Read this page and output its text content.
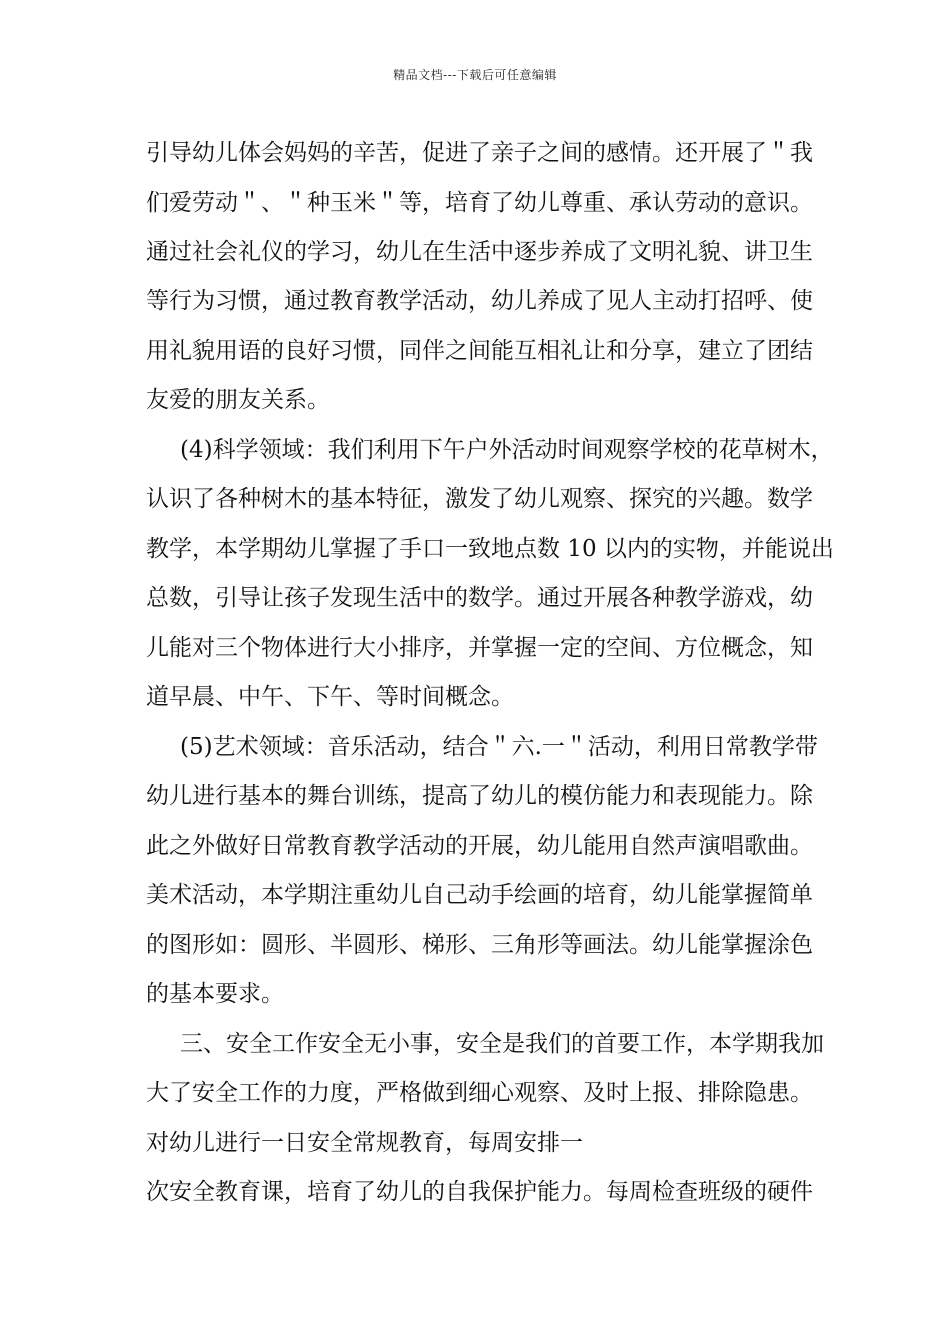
精品文档---下载后可任意编辑
引导幼儿体会妈妈的辛苦，促进了亲子之间的感情。还开展了＂我
们爱劳动＂、＂种玉米＂等，培育了幼儿尊重、承认劳动的意识。
通过社会礼仪的学习，幼儿在生活中逐步养成了文明礼貌、讲卫生
等行为习惯，通过教育教学活动，幼儿养成了见人主动打招呼、使
用礼貌用语的良好习惯，同伴之间能互相礼让和分享，建立了团结
友爱的朋友关系。
(4)科学领域：我们利用下午户外活动时间观察学校的花草树木，
认识了各种树木的基本特征，激发了幼儿观察、探究的兴趣。数学
教学，本学期幼儿掌握了手口一致地点数 10 以内的实物，并能说出
总数，引导让孩子发现生活中的数学。通过开展各种教学游戏，幼
儿能对三个物体进行大小排序，并掌握一定的空间、方位概念，知
道早晨、中午、下午、等时间概念。
(5)艺术领域：音乐活动，结合＂六.一＂活动，利用日常教学带
幼儿进行基本的舞台训练，提高了幼儿的模仿能力和表现能力。除
此之外做好日常教育教学活动的开展，幼儿能用自然声演唱歌曲。
美术活动，本学期注重幼儿自己动手绘画的培育，幼儿能掌握简单
的图形如：圆形、半圆形、梯形、三角形等画法。幼儿能掌握涂色
的基本要求。
三、安全工作安全无小事，安全是我们的首要工作，本学期我加
大了安全工作的力度，严格做到细心观察、及时上报、排除隐患。
对幼儿进行一日安全常规教育，每周安排一
次安全教育课，培育了幼儿的自我保护能力。每周检查班级的硬件
